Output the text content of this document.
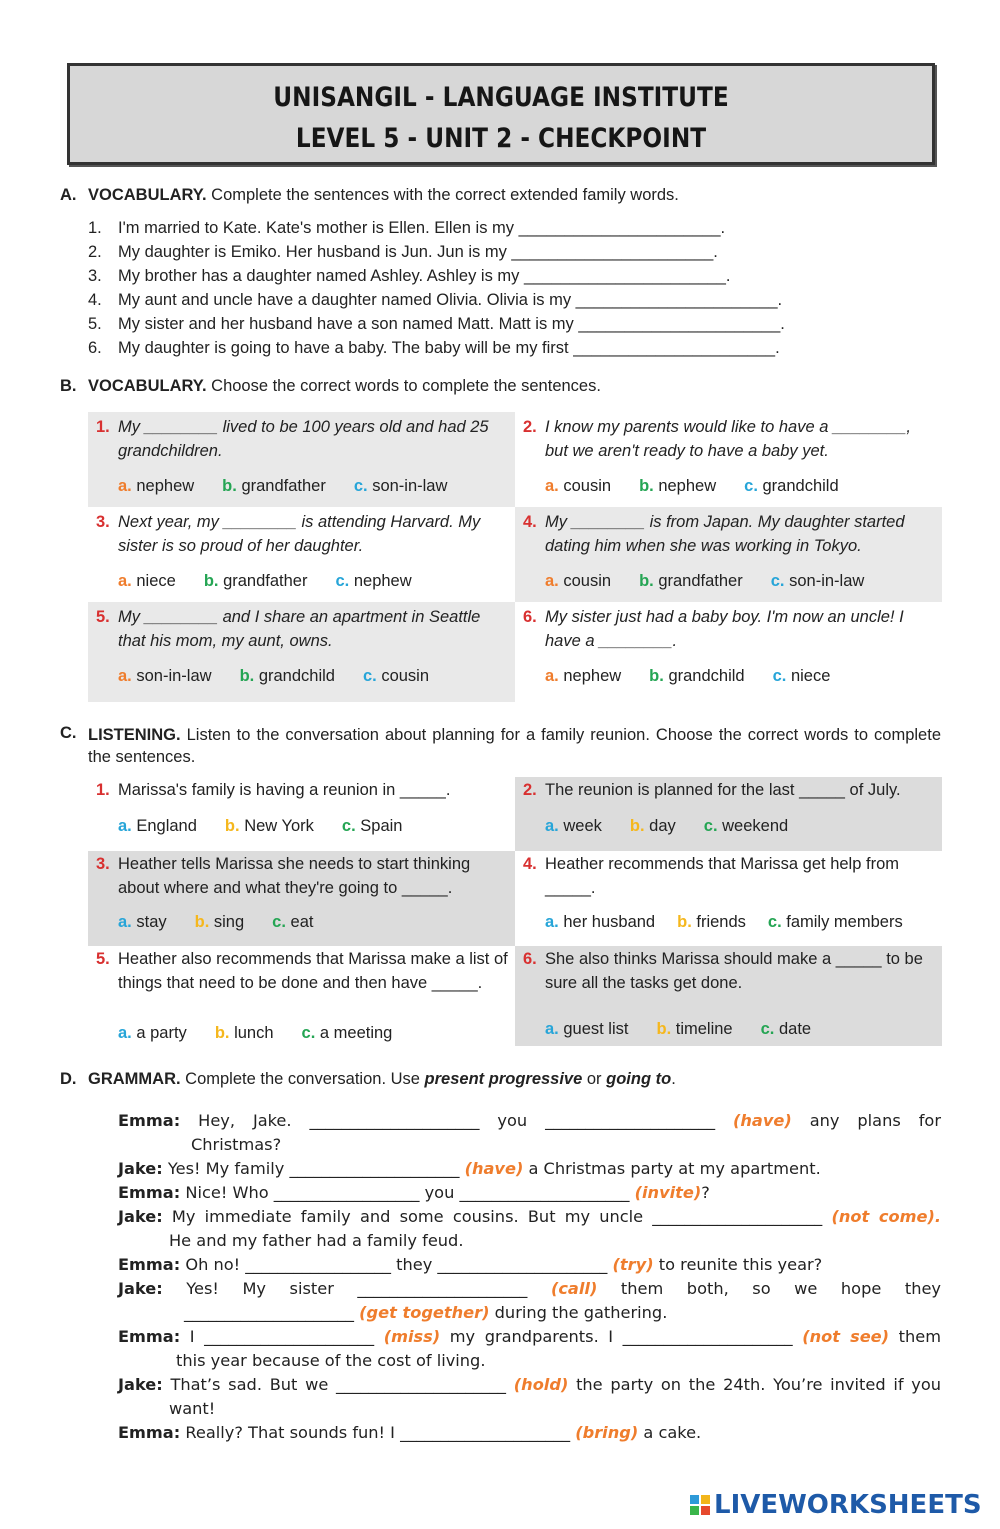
UNISANGIL - LANGUAGE INSTITUTE
LEVEL 5 - UNIT 2 - CHECKPOINT
A. VOCABULARY. Complete the sentences with the correct extended family words.
1. I'm married to Kate. Kate's mother is Ellen. Ellen is my ______________________.
2. My daughter is Emiko. Her husband is Jun. Jun is my ______________________.
3. My brother has a daughter named Ashley. Ashley is my ______________________.
4. My aunt and uncle have a daughter named Olivia. Olivia is my ______________________.
5. My sister and her husband have a son named Matt. Matt is my ______________________.
6. My daughter is going to have a baby. The baby will be my first ______________________.
B. VOCABULARY. Choose the correct words to complete the sentences.
1. My ________ lived to be 100 years old and had 25 grandchildren.
a. nephew b. grandfather c. son-in-law
2. I know my parents would like to have a ________, but we aren't ready to have a baby yet.
a. cousin b. nephew c. grandchild
3. Next year, my ________ is attending Harvard. My sister is so proud of her daughter.
a. niece b. grandfather c. nephew
4. My ________ is from Japan. My daughter started dating him when she was working in Tokyo.
a. cousin b. grandfather c. son-in-law
5. My ________ and I share an apartment in Seattle that his mom, my aunt, owns.
a. son-in-law b. grandchild c. cousin
6. My sister just had a baby boy. I'm now an uncle! I have a ________.
a. nephew b. grandchild c. niece
C. LISTENING. Listen to the conversation about planning for a family reunion. Choose the correct words to complete the sentences.
1. Marissa's family is having a reunion in _____.
a. England b. New York c. Spain
2. The reunion is planned for the last _____ of July.
a. week b. day c. weekend
3. Heather tells Marissa she needs to start thinking about where and what they're going to _____.
a. stay b. sing c. eat
4. Heather recommends that Marissa get help from _____.
a. her husband b. friends c. family members
5. Heather also recommends that Marissa make a list of things that need to be done and then have _____.
a. a party b. lunch c. a meeting
6. She also thinks Marissa should make a _____ to be sure all the tasks get done.
a. guest list b. timeline c. date
D. GRAMMAR. Complete the conversation. Use present progressive or going to.
Emma: Hey, Jake. _____________________ you _____________________ (have) any plans for
Christmas?
Jake: Yes! My family _____________________ (have) a Christmas party at my apartment.
Emma: Nice! Who __________________ you _____________________ (invite)?
Jake: My immediate family and some cousins. But my uncle _____________________ (not come).
He and my father had a family feud.
Emma: Oh no! __________________ they _____________________ (try) to reunite this year?
Jake:  Yes!  My  sister  _____________________  (call)  them  both,  so  we  hope  they
_____________________ (get together) during the gathering.
Emma: I _____________________ (miss) my grandparents. I _____________________ (not see) them
this year because of the cost of living.
Jake: That’s sad. But we _____________________ (hold) the party on the 24th. You’re invited if you
want!
Emma: Really? That sounds fun! I _____________________ (bring) a cake.
LIVEWORKSHEETS
